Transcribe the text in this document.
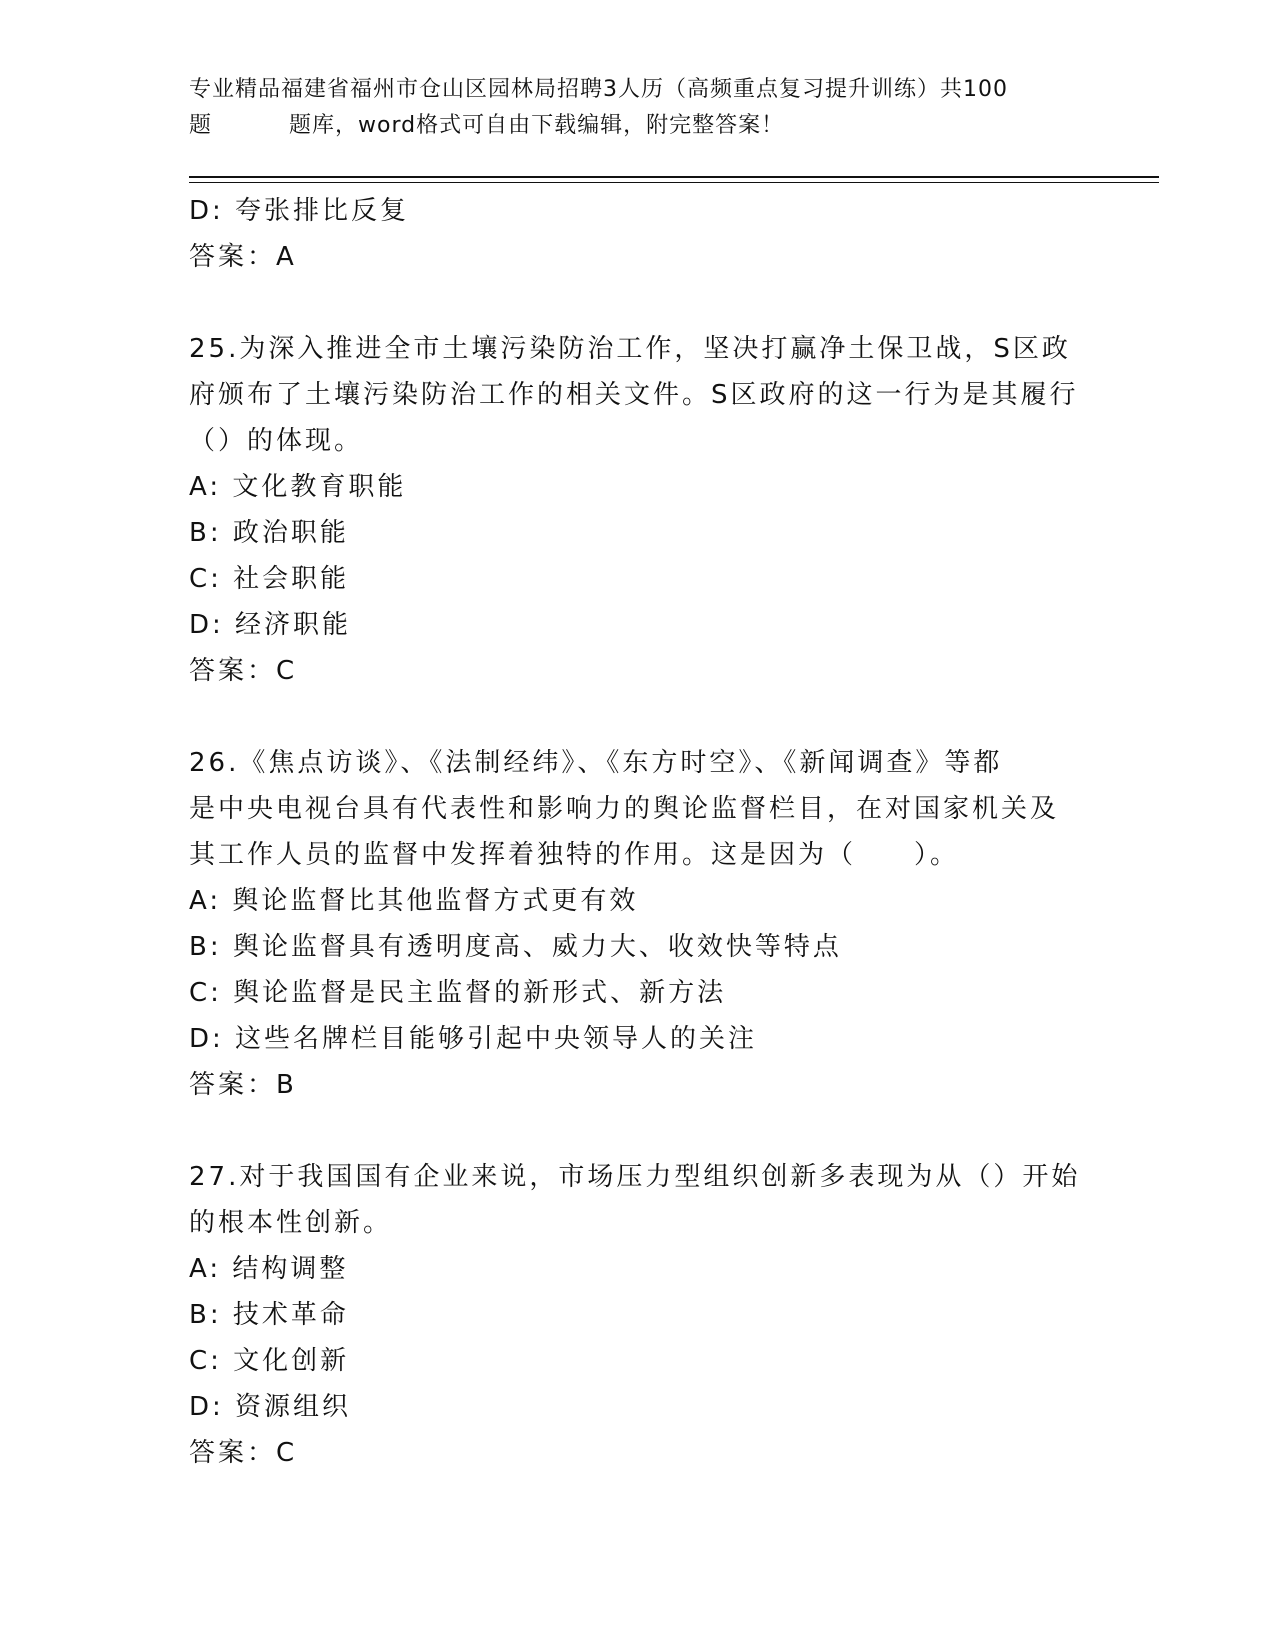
专业精品福建省福州市仓山区园林局招聘3人历（高频重点复习提升训练）共100
题	题库，word格式可自由下载编辑，附完整答案！
D: 夸张排比反复
答案：A
25.为深入推进全市土壤污染防治工作，坚决打赢净土保卫战，S区政
府颁布了土壤污染防治工作的相关文件。S区政府的这一行为是其履行
（）的体现。
A: 文化教育职能
B: 政治职能
C: 社会职能
D: 经济职能
答案：C
26.《焦点访谈》、《法制经纬》、《东方时空》、《新闻调查》等都
是中央电视台具有代表性和影响力的舆论监督栏目，在对国家机关及
其工作人员的监督中发挥着独特的作用。这是因为（　　）。
A: 舆论监督比其他监督方式更有效
B: 舆论监督具有透明度高、威力大、收效快等特点
C: 舆论监督是民主监督的新形式、新方法
D: 这些名牌栏目能够引起中央领导人的关注
答案：B
27.对于我国国有企业来说，市场压力型组织创新多表现为从（）开始
的根本性创新。
A: 结构调整
B: 技术革命
C: 文化创新
D: 资源组织
答案：C
